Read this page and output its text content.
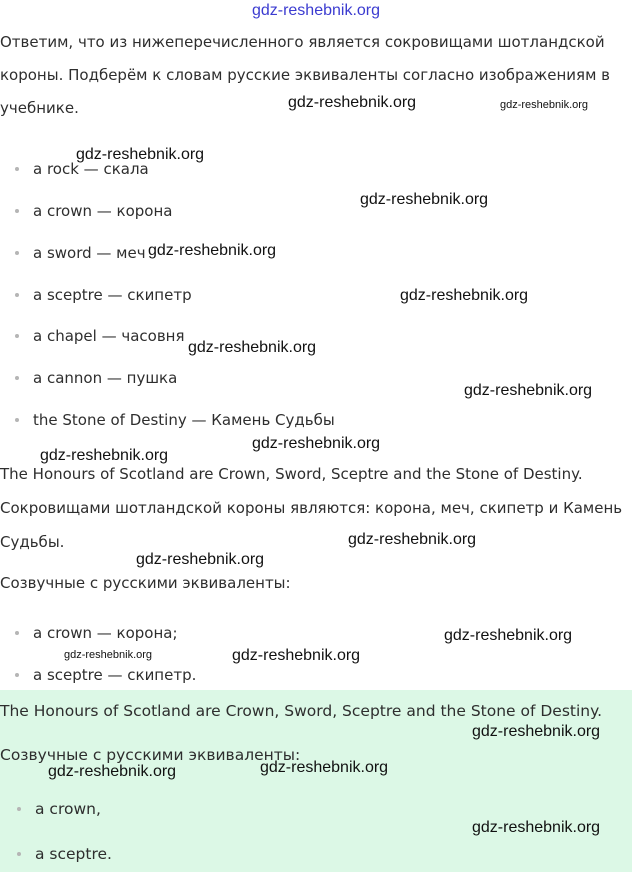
gdz-reshebnik.org
Ответим, что из нижеперечисленного является сокровищами шотландской
короны. Подберём к словам русские эквиваленты согласно изображениям в
учебнике.
a rock — скала
a crown — корона
a sword — меч
a sceptre — скипетр
a chapel — часовня
a cannon — пушка
the Stone of Destiny — Камень Судьбы
The Honours of Scotland are Crown, Sword, Sceptre and the Stone of Destiny.
Сокровищами шотландской короны являются: корона, меч, скипетр и Камень
Судьбы.
Созвучные с русскими эквиваленты:
a crown — корона;
a sceptre — скипетр.
The Honours of Scotland are Crown, Sword, Sceptre and the Stone of Destiny.
Созвучные с русскими эквиваленты:
a crown,
a sceptre.
gdz-reshebnik.org	gdz-reshebnik.org
gdz-reshebnik.org
gdz-reshebnik.org
gdz-reshebnik.org
gdz-reshebnik.org
gdz-reshebnik.org
gdz-reshebnik.org
gdz-reshebnik.org
gdz-reshebnik.org
gdz-reshebnik.org
gdz-reshebnik.org
gdz-reshebnik.org
gdz-reshebnik.org	gdz-reshebnik.org
gdz-reshebnik.org
gdz-reshebnik.org
gdz-reshebnik.org
gdz-reshebnik.org
